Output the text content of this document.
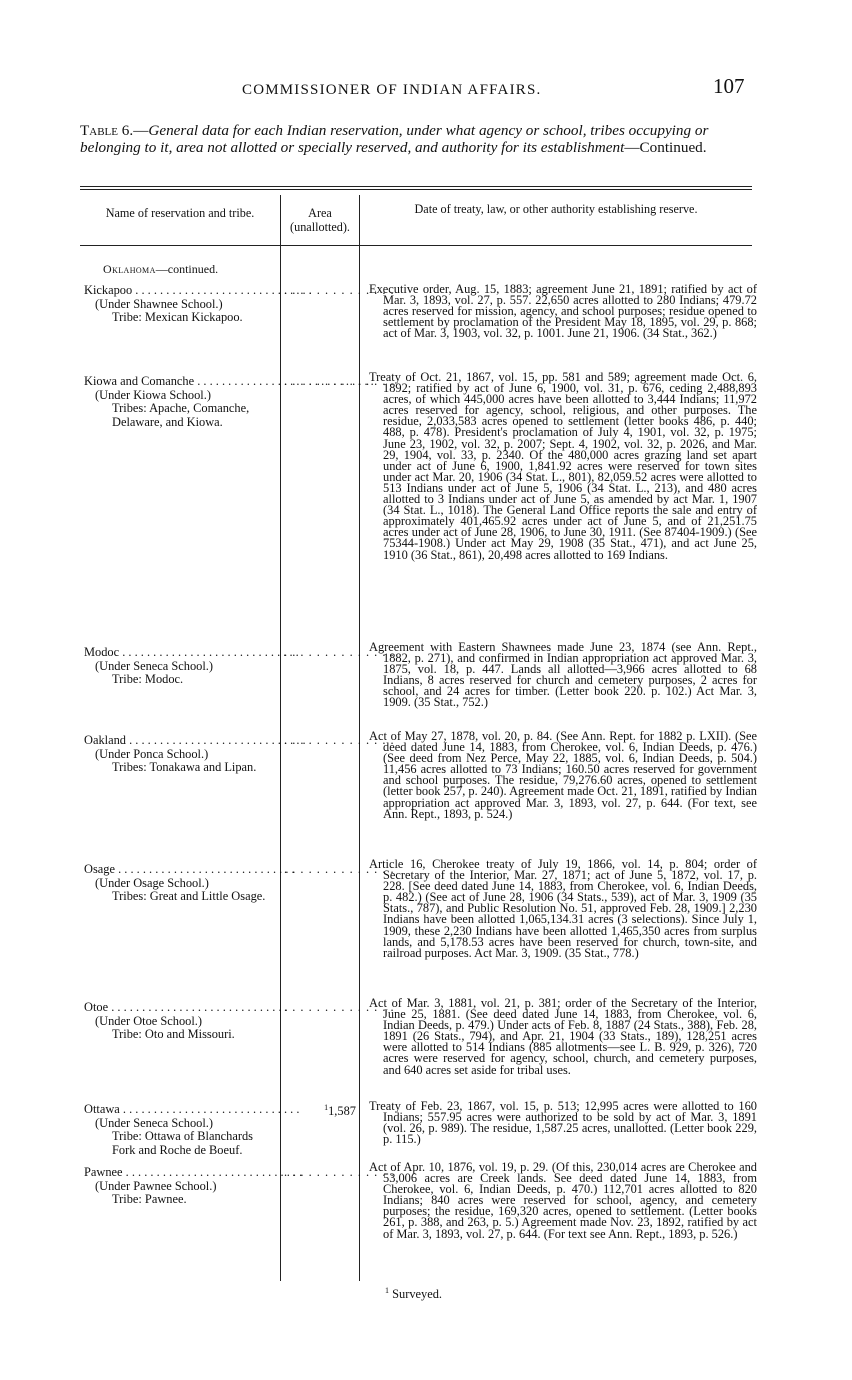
COMMISSIONER OF INDIAN AFFAIRS.	107
Table 6.—General data for each Indian reservation, under what agency or school, tribes occupying or belonging to it, area not allotted or specially reserved, and authority for its establishment—Continued.
Name of reservation and tribe.	Area (unallotted).
Date of treaty, law, or other authority establishing reserve.
Oklahoma—continued.
Kickapoo . . .
(Under Shawnee School.)
Tribe: Mexican Kickapoo.
. . . . . . . . . . . . . .

Executive order, Aug. 15, 1883; agreement June 21, 1891; ratified by act of Mar. 3, 1893, vol. 27, p. 557. 22,650 acres allotted to 280 Indians; 479.72 acres reserved for mission, agency, and school purposes; residue opened to settlement by proclamation of the President May 18, 1895, vol. 29, p. 868; act of Mar. 3, 1903, vol. 32, p. 1001. June 21, 1906. (34 Stat., 362.)

Kiowa and Comanche . . .
(Under Kiowa School.)
Tribes: Apache, Comanche, Delaware, and Kiowa.
. . . . . . . . . . . . . .

Treaty of Oct. 21, 1867, vol. 15, pp. 581 and 589; agreement made Oct. 6, 1892; ratified by act of June 6, 1900, vol. 31, p. 676, ceding 2,488,893 acres, of which 445,000 acres have been allotted to 3,444 Indians; 11,972 acres reserved for agency, school, religious, and other purposes. The residue, 2,033,583 acres opened to settlement (letter books 486, p. 440; 488, p. 478). President's proclamation of July 4, 1901, vol. 32, p. 1975; June 23, 1902, vol. 32, p. 2007; Sept. 4, 1902, vol. 32, p. 2026, and Mar. 29, 1904, vol. 33, p. 2340. Of the 480,000 acres grazing land set apart under act of June 6, 1900, 1,841.92 acres were reserved for town sites under act Mar. 20, 1906 (34 Stat. L., 801), 82,059.52 acres were allotted to 513 Indians under act of June 5, 1906 (34 Stat. L., 213), and 480 acres allotted to 3 Indians under act of June 5, as amended by act Mar. 1, 1907 (34 Stat. L., 1018). The General Land Office reports the sale and entry of approximately 401,465.92 acres under act of June 5, and of 21,251.75 acres under act of June 28, 1906, to June 30, 1911. (See 87404-1909.) (See 75344-1908.) Under act May 29, 1908 (35 Stat., 471), and act June 25, 1910 (36 Stat., 861), 20,498 acres allotted to 169 Indians.

Modoc . . .
(Under Seneca School.)
Tribe: Modoc.
. . . . . . . . . . . . . .

Agreement with Eastern Shawnees made June 23, 1874 (see Ann. Rept., 1882, p. 271), and confirmed in Indian appropriation act approved Mar. 3, 1875, vol. 18, p. 447. Lands all allotted—3,966 acres allotted to 68 Indians, 8 acres reserved for church and cemetery purposes, 2 acres for school, and 24 acres for timber. (Letter book 220. p. 102.) Act Mar. 3, 1909. (35 Stat., 752.)

Oakland . . .
(Under Ponca School.)
Tribes: Tonakawa and Lipan.
. . . . . . . . . . . . . .

Act of May 27, 1878, vol. 20, p. 84. (See Ann. Rept. for 1882 p. LXII). (See deed dated June 14, 1883, from Cherokee, vol. 6, Indian Deeds, p. 476.) (See deed from Nez Perce, May 22, 1885, vol. 6, Indian Deeds, p. 504.) 11,456 acres allotted to 73 Indians; 160.50 acres reserved for government and school purposes. The residue, 79,276.60 acres, opened to settlement (letter book 257, p. 240). Agreement made Oct. 21, 1891, ratified by Indian appropriation act approved Mar. 3, 1893, vol. 27, p. 644. (For text, see Ann. Rept., 1893, p. 524.)

Osage . . .
(Under Osage School.)
Tribes: Great and Little Osage.
. . . . . . . . . . . . . .

Article 16, Cherokee treaty of July 19, 1866, vol. 14, p. 804; order of Secretary of the Interior, Mar. 27, 1871; act of June 5, 1872, vol. 17, p. 228. [See deed dated June 14, 1883, from Cherokee, vol. 6, Indian Deeds, p. 482.) (See act of June 28, 1906 (34 Stats., 539), act of Mar. 3, 1909 (35 Stats., 787), and Public Resolution No. 51, approved Feb. 28, 1909.] 2,230 Indians have been allotted 1,065,134.31 acres (3 selections). Since July 1, 1909, these 2,230 Indians have been allotted 1,465,350 acres from surplus lands, and 5,178.53 acres have been reserved for church, town-site, and railroad purposes. Act Mar. 3, 1909. (35 Stat., 778.)

Otoe . . .
(Under Otoe School.)
Tribe: Oto and Missouri.
. . . . . . . . . . . . . .

Act of Mar. 3, 1881, vol. 21, p. 381; order of the Secretary of the Interior, June 25, 1881. (See deed dated June 14, 1883, from Cherokee, vol. 6, Indian Deeds, p. 479.) Under acts of Feb. 8, 1887 (24 Stats., 388), Feb. 28, 1891 (26 Stats., 794), and Apr. 21, 1904 (33 Stats., 189), 128,251 acres were allotted to 514 Indians (885 allotments—see L. B. 929, p. 326), 720 acres were reserved for agency, school, church, and cemetery purposes, and 640 acres set aside for tribal uses.

Ottawa . . .
(Under Seneca School.)
Tribe: Ottawa of Blanchards Fork and Roche de Boeuf.
$^1$1,587 Treaty of Feb. 23, 1867, vol. 15, p. 513; 12,995 acres were allotted to 160 Indians; 557.95 acres were authorized to be sold by act of Mar. 3, 1891 (vol. 26, p. 989). The residue, 1,587.25 acres, unallotted. (Letter book 229, p. 115.)

Pawnee . . .
(Under Pawnee School.)
Tribe: Pawnee.
. . . . . . . . . . . . . .

Act of Apr. 10, 1876, vol. 19, p. 29. (Of this, 230,014 acres are Cherokee and 53,006 acres are Creek lands. See deed dated June 14, 1883, from Cherokee, vol. 6, Indian Deeds, p. 470.) 112,701 acres allotted to 820 Indians; 840 acres were reserved for school, agency, and cemetery purposes; the residue, 169,320 acres, opened to settlement. (Letter books 261, p. 388, and 263, p. 5.) Agreement made Nov. 23, 1892, ratified by act of Mar. 3, 1893, vol. 27, p. 644. (For text see Ann. Rept., 1893, p. 526.)

$^1$ Surveyed.
